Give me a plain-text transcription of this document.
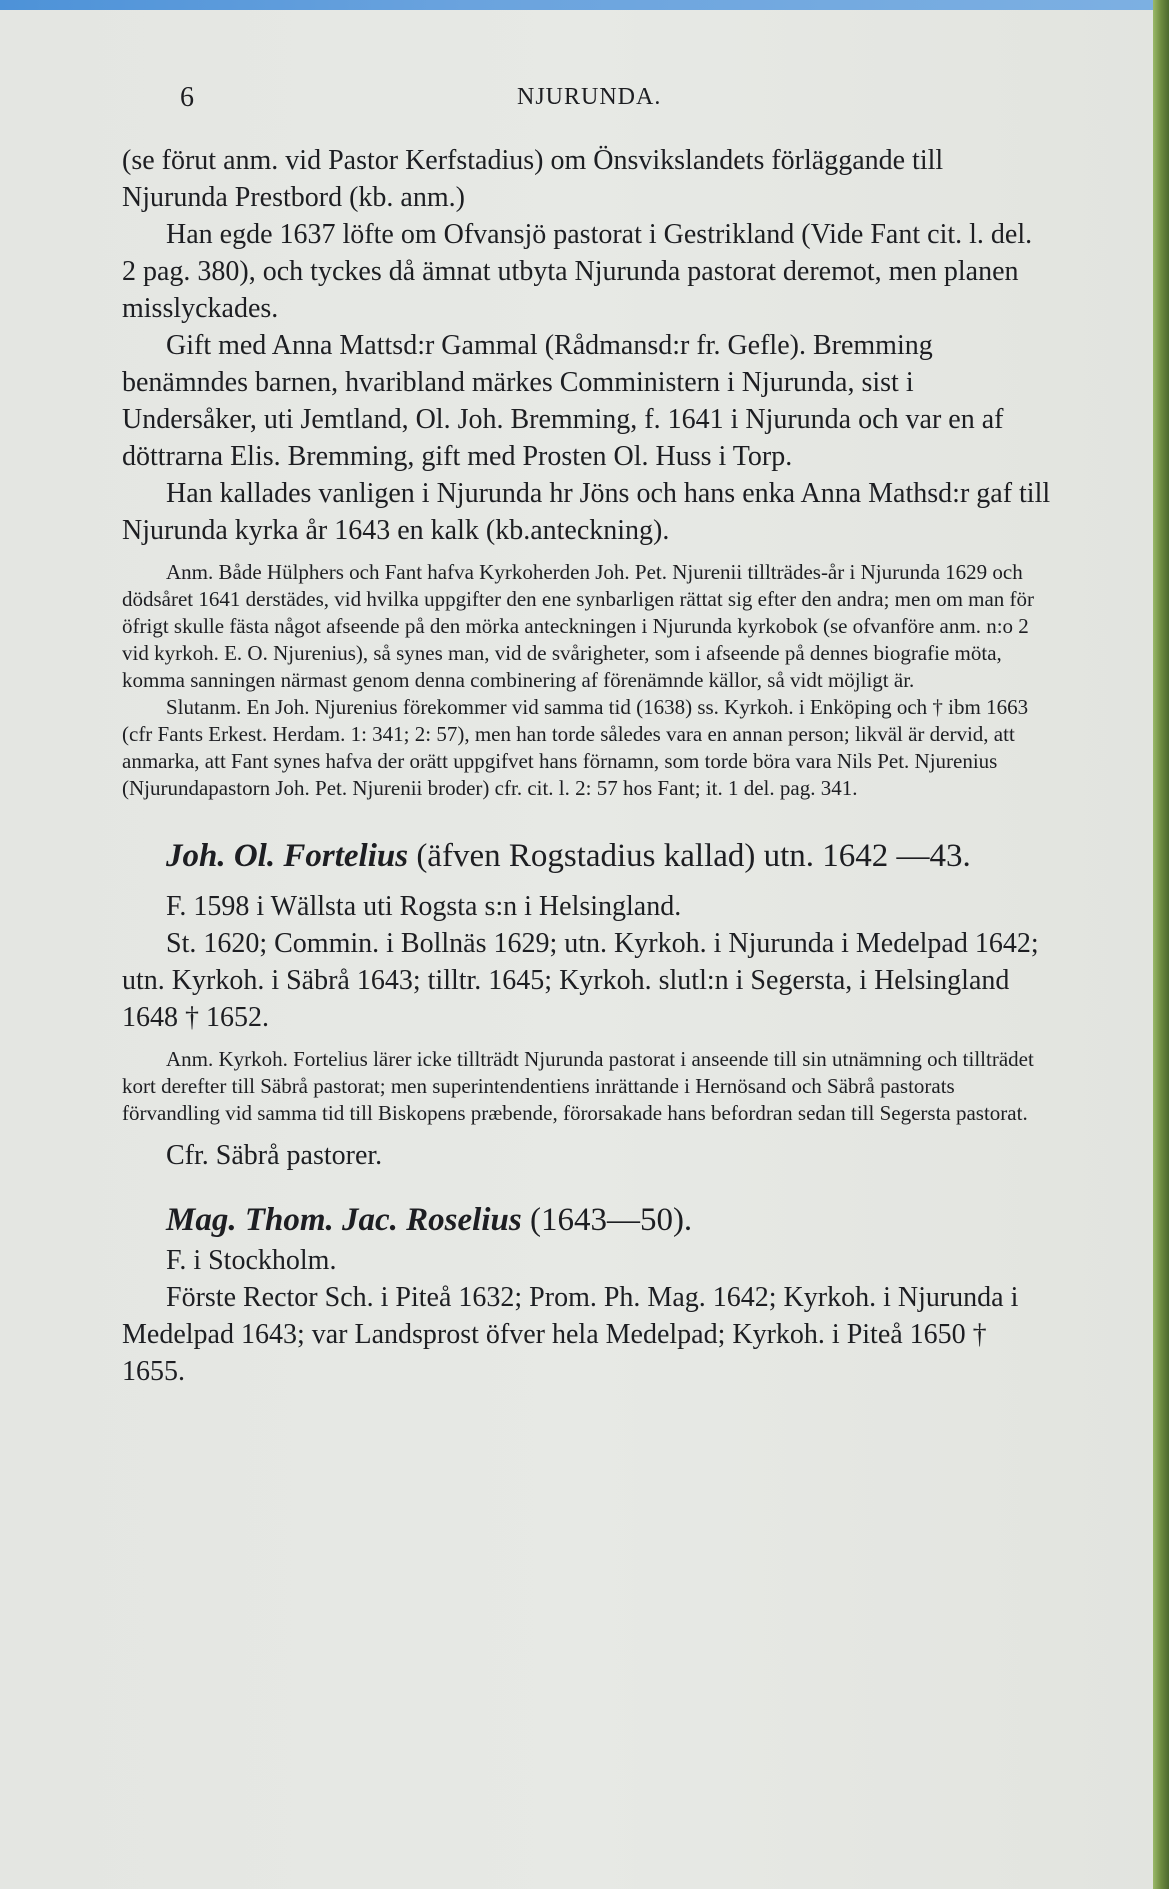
6	NJURUNDA.

(se förut anm. vid Pastor Kerfstadius) om Önsvikslandets förläggande till Njurunda Prestbord (kb. anm.)

Han egde 1637 löfte om Ofvansjö pastorat i Gestrikland (Vide Fant cit. l. del. 2 pag. 380), och tyckes då ämnat utbyta Njurunda pastorat deremot, men planen misslyckades.

Gift med Anna Mattsd:r Gammal (Rådmansd:r fr. Gefle). Bremming benämndes barnen, hvaribland märkes Comministern i Njurunda, sist i Undersåker, uti Jemtland, Ol. Joh. Bremming, f. 1641 i Njurunda och var en af döttrarna Elis. Bremming, gift med Prosten Ol. Huss i Torp.

Han kallades vanligen i Njurunda hr Jöns och hans enka Anna Mathsd:r gaf till Njurunda kyrka år 1643 en kalk (kb.anteckning).

Anm. Både Hülphers och Fant hafva Kyrkoherden Joh. Pet. Njurenii tillträdes-år i Njurunda 1629 och dödsåret 1641 derstädes, vid hvilka uppgifter den ene synbarligen rättat sig efter den andra; men om man för öfrigt skulle fästa något afseende på den mörka anteckningen i Njurunda kyrkobok (se ofvanföre anm. n:o 2 vid kyrkoh. E. O. Njurenius), så synes man, vid de svårigheter, som i afseende på dennes biografie möta, komma sanningen närmast genom denna combinering af förenämnde källor, så vidt möjligt är.

Slutanm. En Joh. Njurenius förekommer vid samma tid (1638) ss. Kyrkoh. i Enköping och † ibm 1663 (cfr Fants Erkest. Herdam. 1: 341; 2: 57), men han torde således vara en annan person; likväl är dervid, att anmarka, att Fant synes hafva der orätt uppgifvet hans förnamn, som torde böra vara Nils Pet. Njurenius (Njurundapastorn Joh. Pet. Njurenii broder) cfr. cit. l. 2: 57 hos Fant; it. 1 del. pag. 341.

Joh. Ol. Fortelius (äfven Rogstadius kallad) utn. 1642 —43.

F. 1598 i Wällsta uti Rogsta s:n i Helsingland.

St. 1620; Commin. i Bollnäs 1629; utn. Kyrkoh. i Njurunda i Medelpad 1642; utn. Kyrkoh. i Säbrå 1643; tilltr. 1645; Kyrkoh. slutl:n i Segersta, i Helsingland 1648 † 1652.

Anm. Kyrkoh. Fortelius lärer icke tillträdt Njurunda pastorat i anseende till sin utnämning och tillträdet kort derefter till Säbrå pastorat; men superintendentiens inrättande i Hernösand och Säbrå pastorats förvandling vid samma tid till Biskopens præbende, förorsakade hans befordran sedan till Segersta pastorat.

Cfr. Säbrå pastorer.

Mag. Thom. Jac. Roselius (1643—50).

F. i Stockholm.

Förste Rector Sch. i Piteå 1632; Prom. Ph. Mag. 1642; Kyrkoh. i Njurunda i Medelpad 1643; var Landsprost öfver hela Medelpad; Kyrkoh. i Piteå 1650 † 1655.
